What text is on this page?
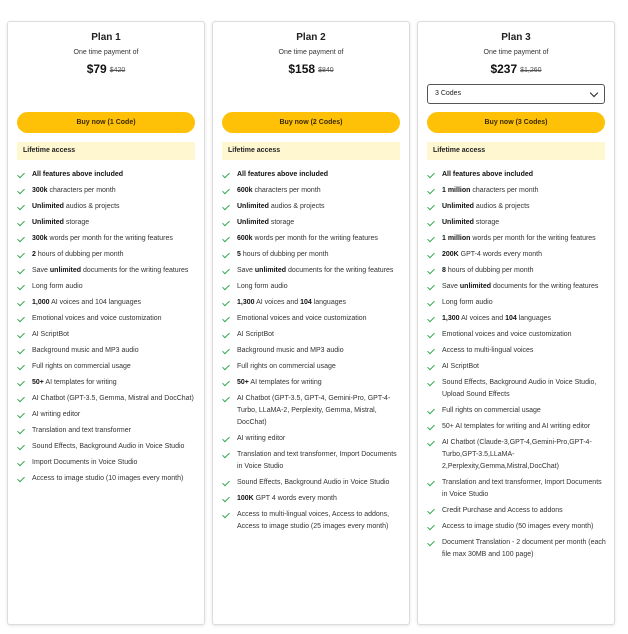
Plan 1
One time payment of
$79 $420
Buy now (1 Code)
Lifetime access
All features above included
300k characters per month
Unlimited audios & projects
Unlimited storage
300k words per month for the writing features
2 hours of dubbing per month
Save unlimited documents for the writing features
Long form audio
1,000 AI voices and 104 languages
Emotional voices and voice customization
AI ScriptBot
Background music and MP3 audio
Full rights on commercial usage
50+ AI templates for writing
AI Chatbot (GPT-3.5, Gemma, Mistral and DocChat)
AI writing editor
Translation and text transformer
Sound Effects, Background Audio in Voice Studio
Import Documents in Voice Studio
Access to image studio (10 images every month)
Plan 2
One time payment of
$158 $840
Buy now (2 Codes)
Lifetime access
All features above included
600k characters per month
Unlimited audios & projects
Unlimited storage
600k words per month for the writing features
5 hours of dubbing per month
Save unlimited documents for the writing features
Long form audio
1,300 AI voices and 104 languages
Emotional voices and voice customization
AI ScriptBot
Background music and MP3 audio
Full rights on commercial usage
50+ AI templates for writing
AI Chatbot (GPT-3.5, GPT-4, Gemini-Pro, GPT-4-Turbo, LLaMA-2, Perplexity, Gemma, Mistral, DocChat)
AI writing editor
Translation and text transformer, Import Documents in Voice Studio
Sound Effects, Background Audio in Voice Studio
100K GPT 4 words every month
Access to multi-lingual voices, Access to addons, Access to image studio (25 images every month)
Plan 3
One time payment of
$237 $1,260
3 Codes
Buy now (3 Codes)
Lifetime access
All features above included
1 million characters per month
Unlimited audios & projects
Unlimited storage
1 million words per month for the writing features
200K GPT-4 words every month
8 hours of dubbing per month
Save unlimited documents for the writing features
Long form audio
1,300 AI voices and 104 languages
Emotional voices and voice customization
Access to multi-lingual voices
AI ScriptBot
Sound Effects, Background Audio in Voice Studio, Upload Sound Effects
Full rights on commercial usage
50+ AI templates for writing and AI writing editor
AI Chatbot (Claude-3,GPT-4,Gemini-Pro,GPT-4-Turbo,GPT-3.5,LLaMA-2,Perplexity,Gemma,Mistral,DocChat)
Translation and text transformer, Import Documents in Voice Studio
Credit Purchase and Access to addons
Access to image studio (50 images every month)
Document Translation - 2 document per month (each file max 30MB and 100 page)
